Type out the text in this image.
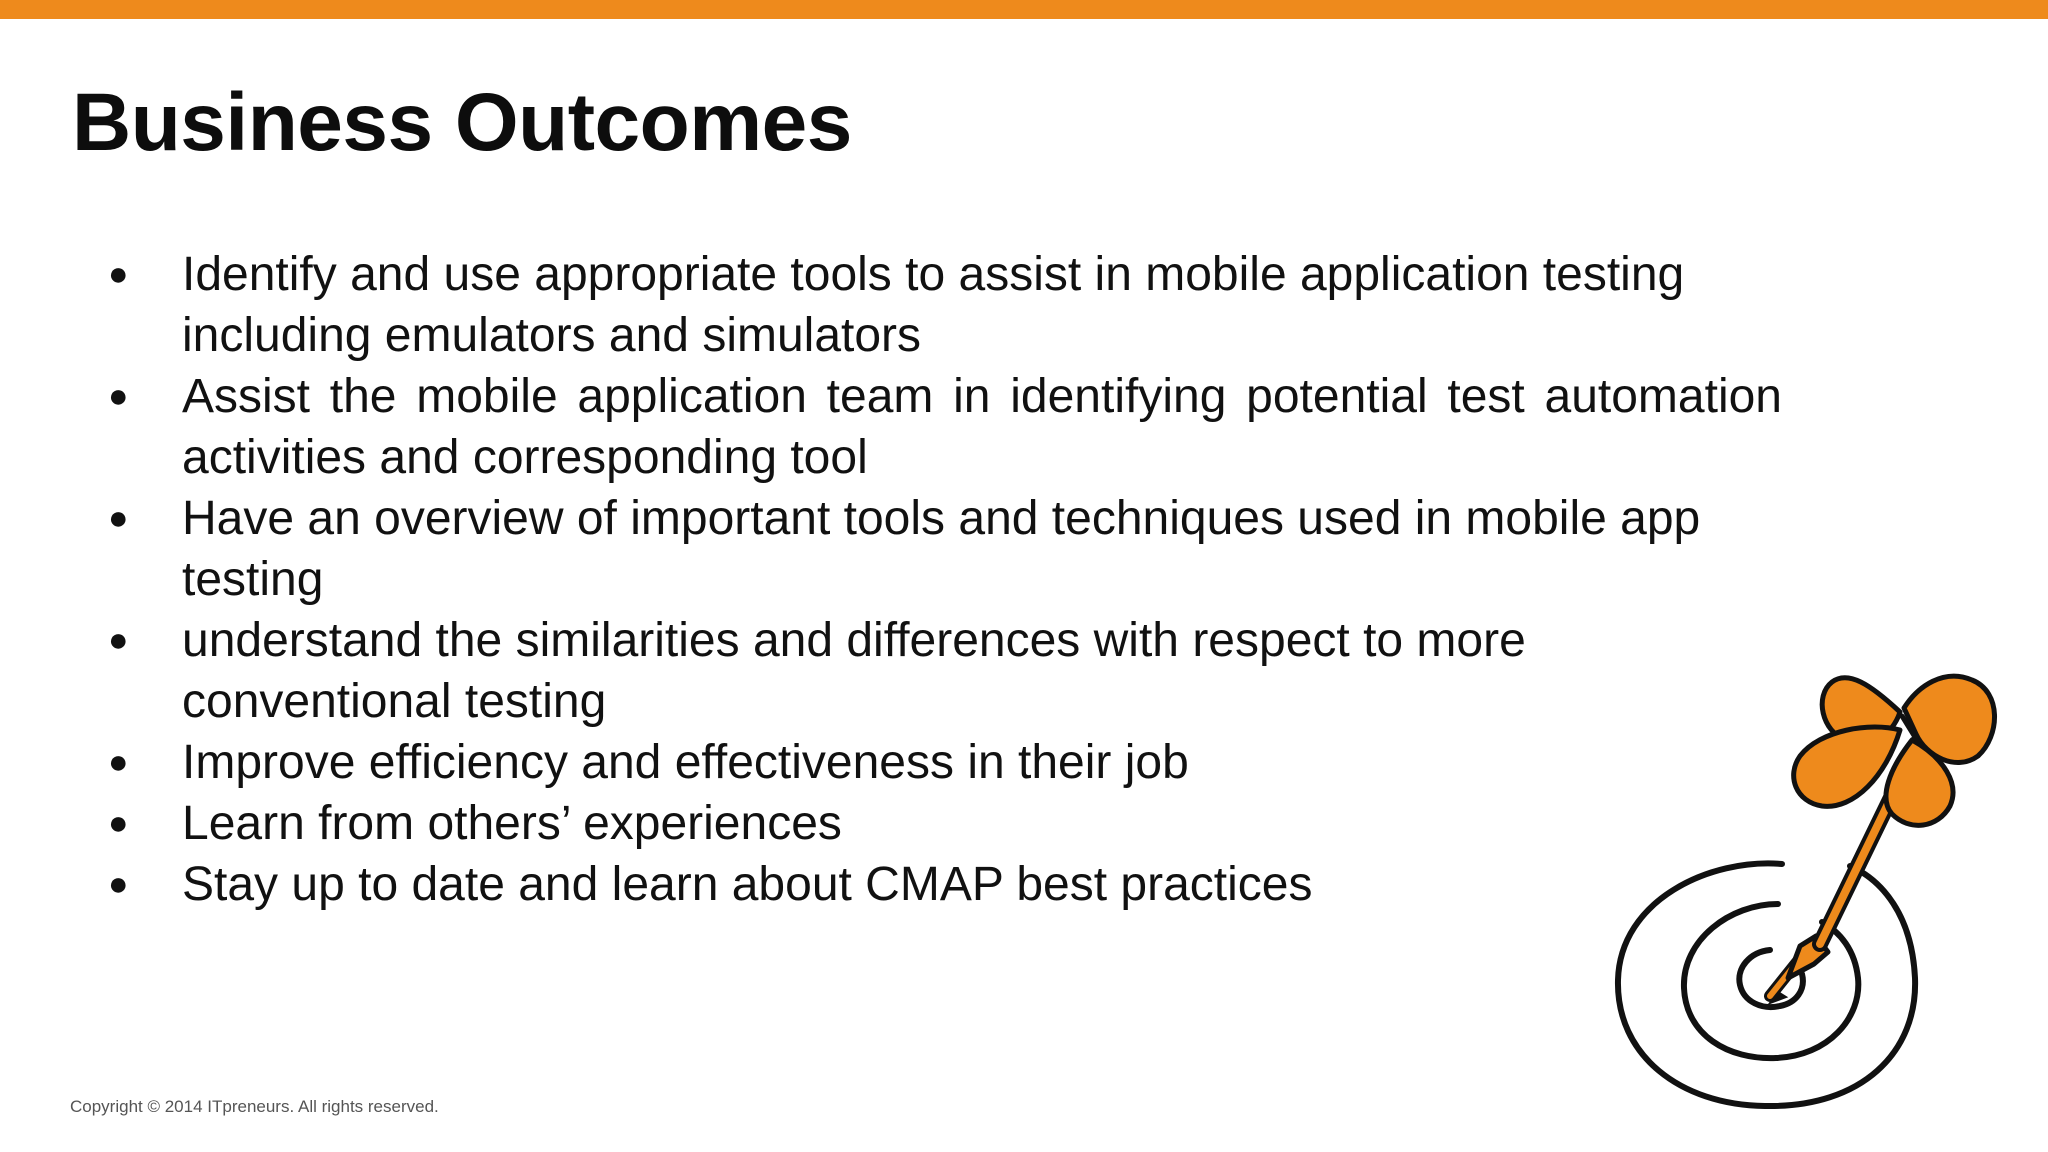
Business Outcomes
● Identify and use appropriate tools to assist in mobile application testing including emulators and simulators
● Assist the mobile application team in identifying potential test automation activities and corresponding tool
● Have an overview of important tools and techniques used in mobile app testing
● understand the similarities and differences with respect to more conventional testing
● Improve efficiency and effectiveness in their job
● Learn from others’ experiences
● Stay up to date and learn about CMAP best practices
Copyright © 2014 ITpreneurs. All rights reserved.
